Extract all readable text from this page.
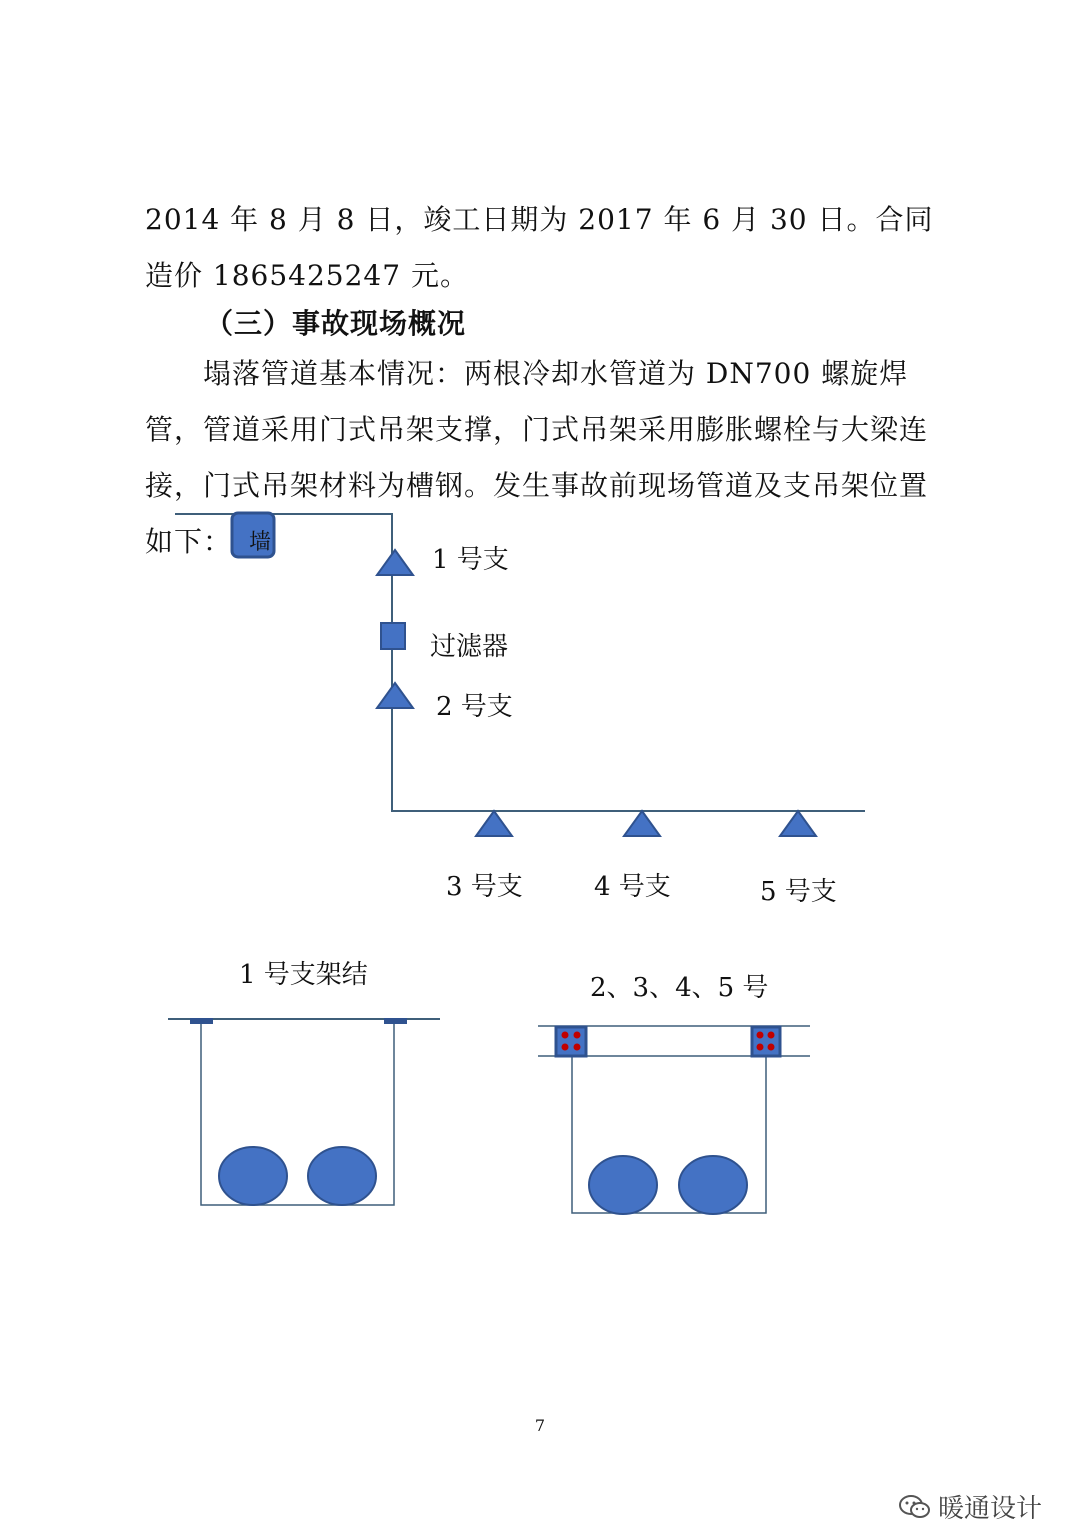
2014 年 8 月 8 日，竣工日期为 2017 年 6 月 30 日。合同造价 1865425247 元。

（三）事故现场概况

塌落管道基本情况：两根冷却水管道为 DN700 螺旋焊管，管道采用门式吊架支撑，门式吊架采用膨胀螺栓与大梁连接，门式吊架材料为槽钢。发生事故前现场管道及支吊架位置如下： 墙
1 号支
过滤器
2 号支
3 号支	4 号支	5 号支
1 号支架结	2、3、4、5 号
7
暖通设计
